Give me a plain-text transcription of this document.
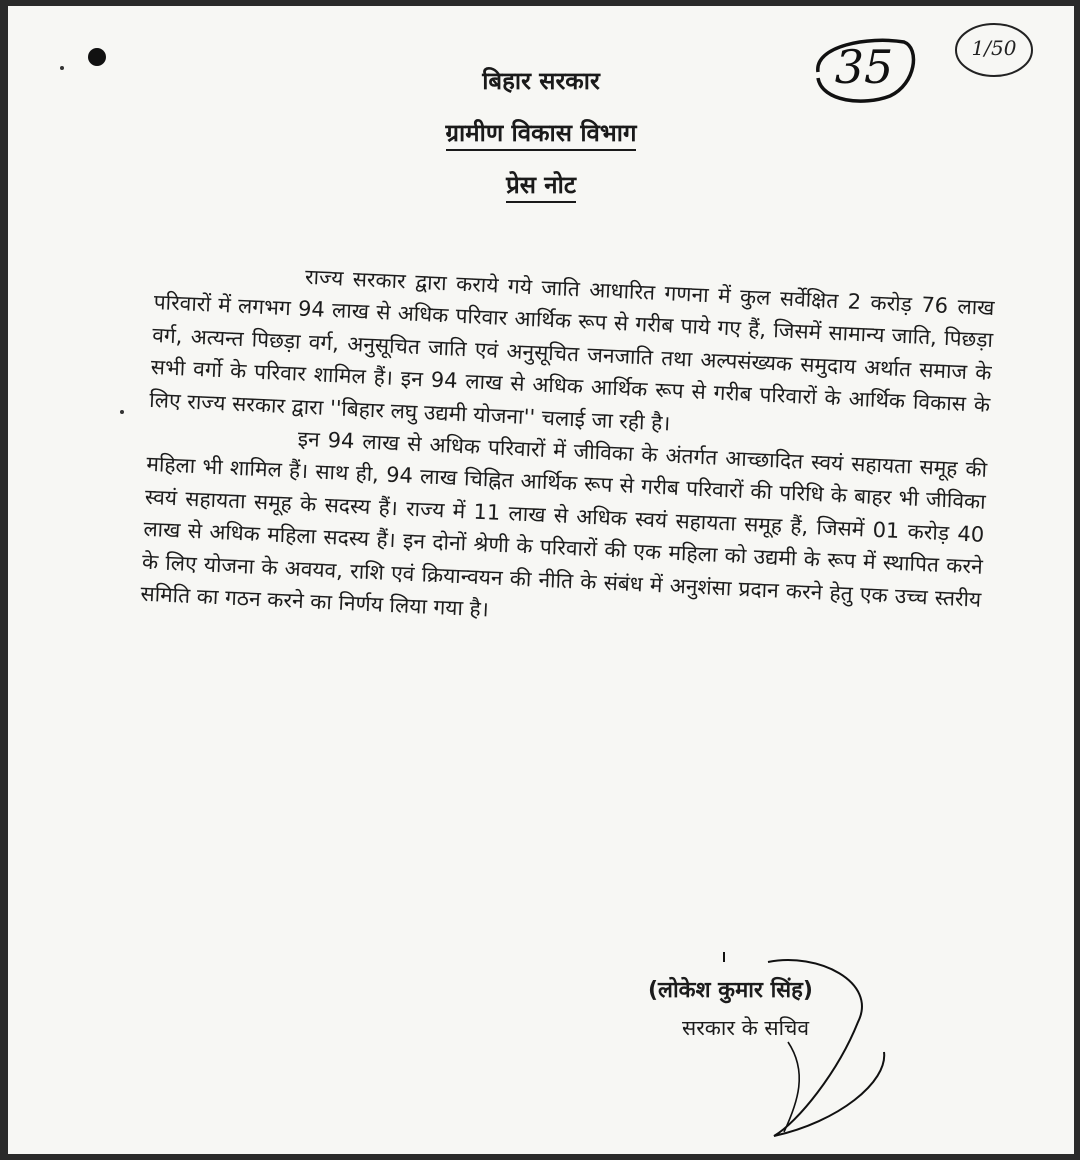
बिहार सरकार
ग्रामीण विकास विभाग
प्रेस नोट
35	1/50

राज्य सरकार द्वारा कराये गये जाति आधारित गणना में कुल सर्वेक्षित 2 करोड़ 76 लाख परिवारों में लगभग 94 लाख से अधिक परिवार आर्थिक रूप से गरीब पाये गए हैं, जिसमें सामान्य जाति, पिछड़ा वर्ग, अत्यन्त पिछड़ा वर्ग, अनुसूचित जाति एवं अनुसूचित जनजाति तथा अल्पसंख्यक समुदाय अर्थात समाज के सभी वर्गो के परिवार शामिल हैं। इन 94 लाख से अधिक आर्थिक रूप से गरीब परिवारों के आर्थिक विकास के लिए राज्य सरकार द्वारा ''बिहार लघु उद्यमी योजना'' चलाई जा रही है।

इन 94 लाख से अधिक परिवारों में जीविका के अंतर्गत आच्छादित स्वयं सहायता समूह की महिला भी शामिल हैं। साथ ही, 94 लाख चिह्नित आर्थिक रूप से गरीब परिवारों की परिधि के बाहर भी जीविका स्वयं सहायता समूह के सदस्य हैं। राज्य में 11 लाख से अधिक स्वयं सहायता समूह हैं, जिसमें 01 करोड़ 40 लाख से अधिक महिला सदस्य हैं। इन दोनों श्रेणी के परिवारों की एक महिला को उद्यमी के रूप में स्थापित करने के लिए योजना के अवयव, राशि एवं क्रियान्वयन की नीति के संबंध में अनुशंसा प्रदान करने हेतु एक उच्च स्तरीय समिति का गठन करने का निर्णय लिया गया है।

(लोकेश कुमार सिंह)
सरकार के सचिव
